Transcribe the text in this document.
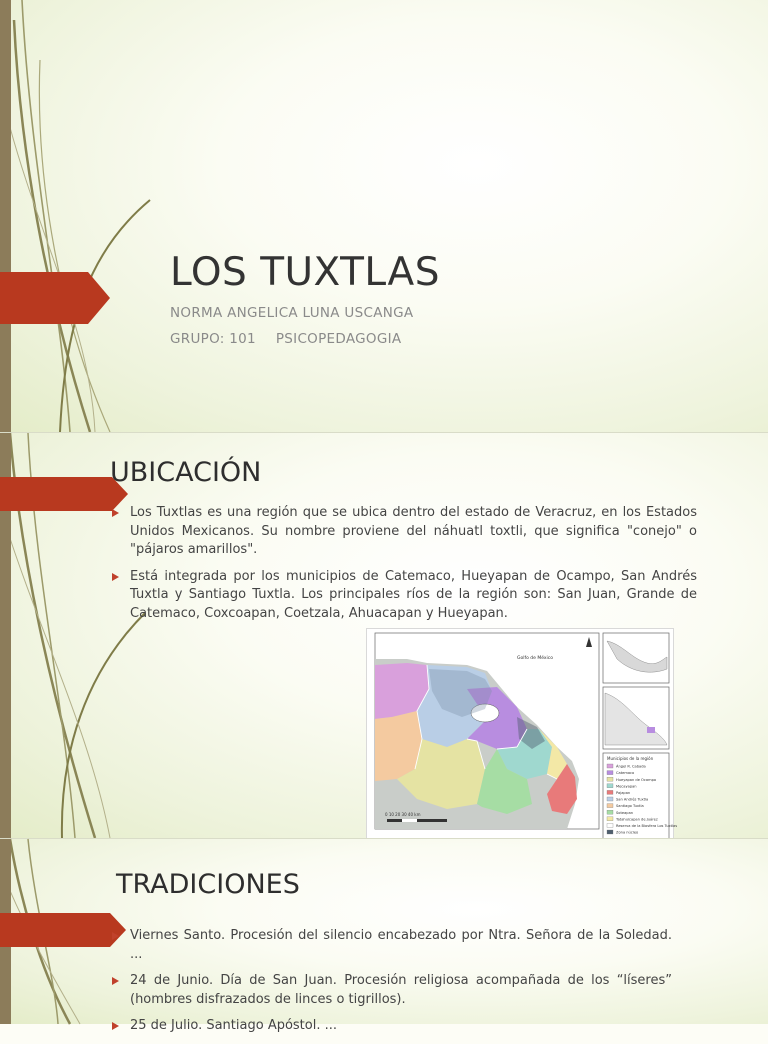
LOS TUXTLAS
NORMA ANGELICA LUNA USCANGA
GRUPO: 101 PSICOPEDAGOGIA
UBICACIÓN
Los Tuxtlas es una región que se ubica dentro del estado de Veracruz, en los Estados Unidos Mexicanos. Su nombre proviene del náhuatl toxtli, que significa "conejo" o "pájaros amarillos".
Está integrada por los municipios de Catemaco, Hueyapan de Ocampo, San Andrés Tuxtla y Santiago Tuxtla. Los principales ríos de la región son: San Juan, Grande de Catemaco, Coxcoapan, Coetzala, Ahuacapan y Hueyapan.
Golfo de México
0 10 20 30 40 km
Municipios de la región
Ángel R. Cabada
Catemaco
Hueyapan de Ocampo
Mecayapan
Pajapan
San Andrés Tuxtla
Santiago Tuxtla
Soteapan
Tatahuicapan de Juárez
Reserva de la Biosfera Los Tuxtlas
Zona núcleo
TRADICIONES
Viernes Santo. Procesión del silencio encabezado por Ntra. Señora de la Soledad. ...
24 de Junio. Día de San Juan. Procesión religiosa acompañada de los “líseres” (hombres disfrazados de linces o tigrillos).
25 de Julio. Santiago Apóstol. ...
